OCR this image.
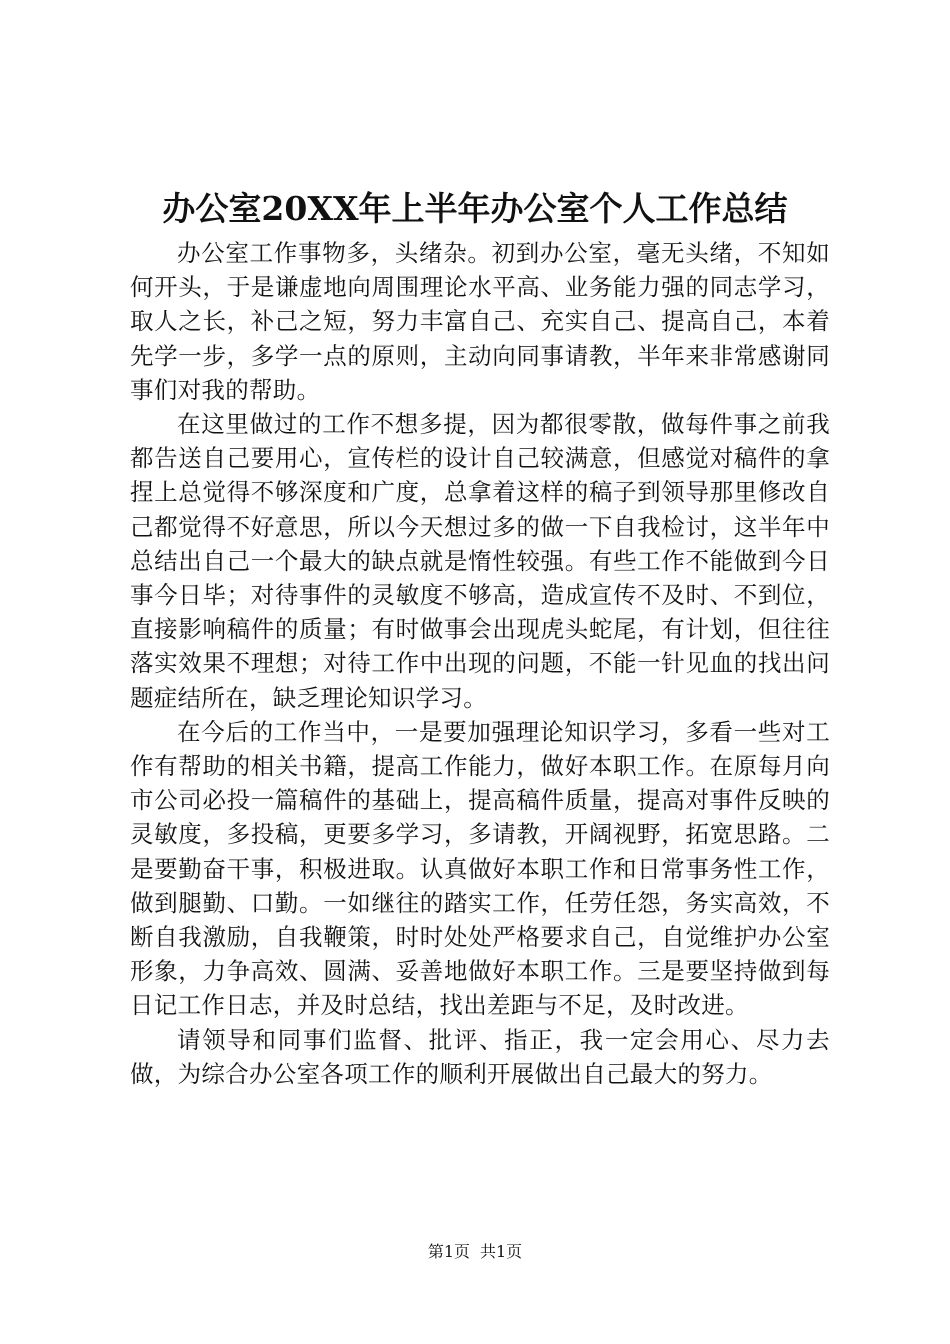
办公室20XX年上半年办公室个人工作总结

办公室工作事物多，头绪杂。初到办公室，毫无头绪，不知如何开头，于是谦虚地向周围理论水平高、业务能力强的同志学习，取人之长，补己之短，努力丰富自己、充实自己、提高自己，本着先学一步，多学一点的原则，主动向同事请教，半年来非常感谢同事们对我的帮助。

在这里做过的工作不想多提，因为都很零散，做每件事之前我都告送自己要用心，宣传栏的设计自己较满意，但感觉对稿件的拿捏上总觉得不够深度和广度，总拿着这样的稿子到领导那里修改自己都觉得不好意思，所以今天想过多的做一下自我检讨，这半年中总结出自己一个最大的缺点就是惰性较强。有些工作不能做到今日事今日毕；对待事件的灵敏度不够高，造成宣传不及时、不到位，直接影响稿件的质量；有时做事会出现虎头蛇尾，有计划，但往往落实效果不理想；对待工作中出现的问题，不能一针见血的找出问题症结所在，缺乏理论知识学习。

在今后的工作当中，一是要加强理论知识学习，多看一些对工作有帮助的相关书籍，提高工作能力，做好本职工作。在原每月向市公司必投一篇稿件的基础上，提高稿件质量，提高对事件反映的灵敏度，多投稿，更要多学习，多请教，开阔视野，拓宽思路。二是要勤奋干事，积极进取。认真做好本职工作和日常事务性工作，做到腿勤、口勤。一如继往的踏实工作，任劳任怨，务实高效，不断自我激励，自我鞭策，时时处处严格要求自己，自觉维护办公室形象，力争高效、圆满、妥善地做好本职工作。三是要坚持做到每日记工作日志，并及时总结，找出差距与不足，及时改进。

请领导和同事们监督、批评、指正，我一定会用心、尽力去做，为综合办公室各项工作的顺利开展做出自己最大的努力。

第1页 共1页
